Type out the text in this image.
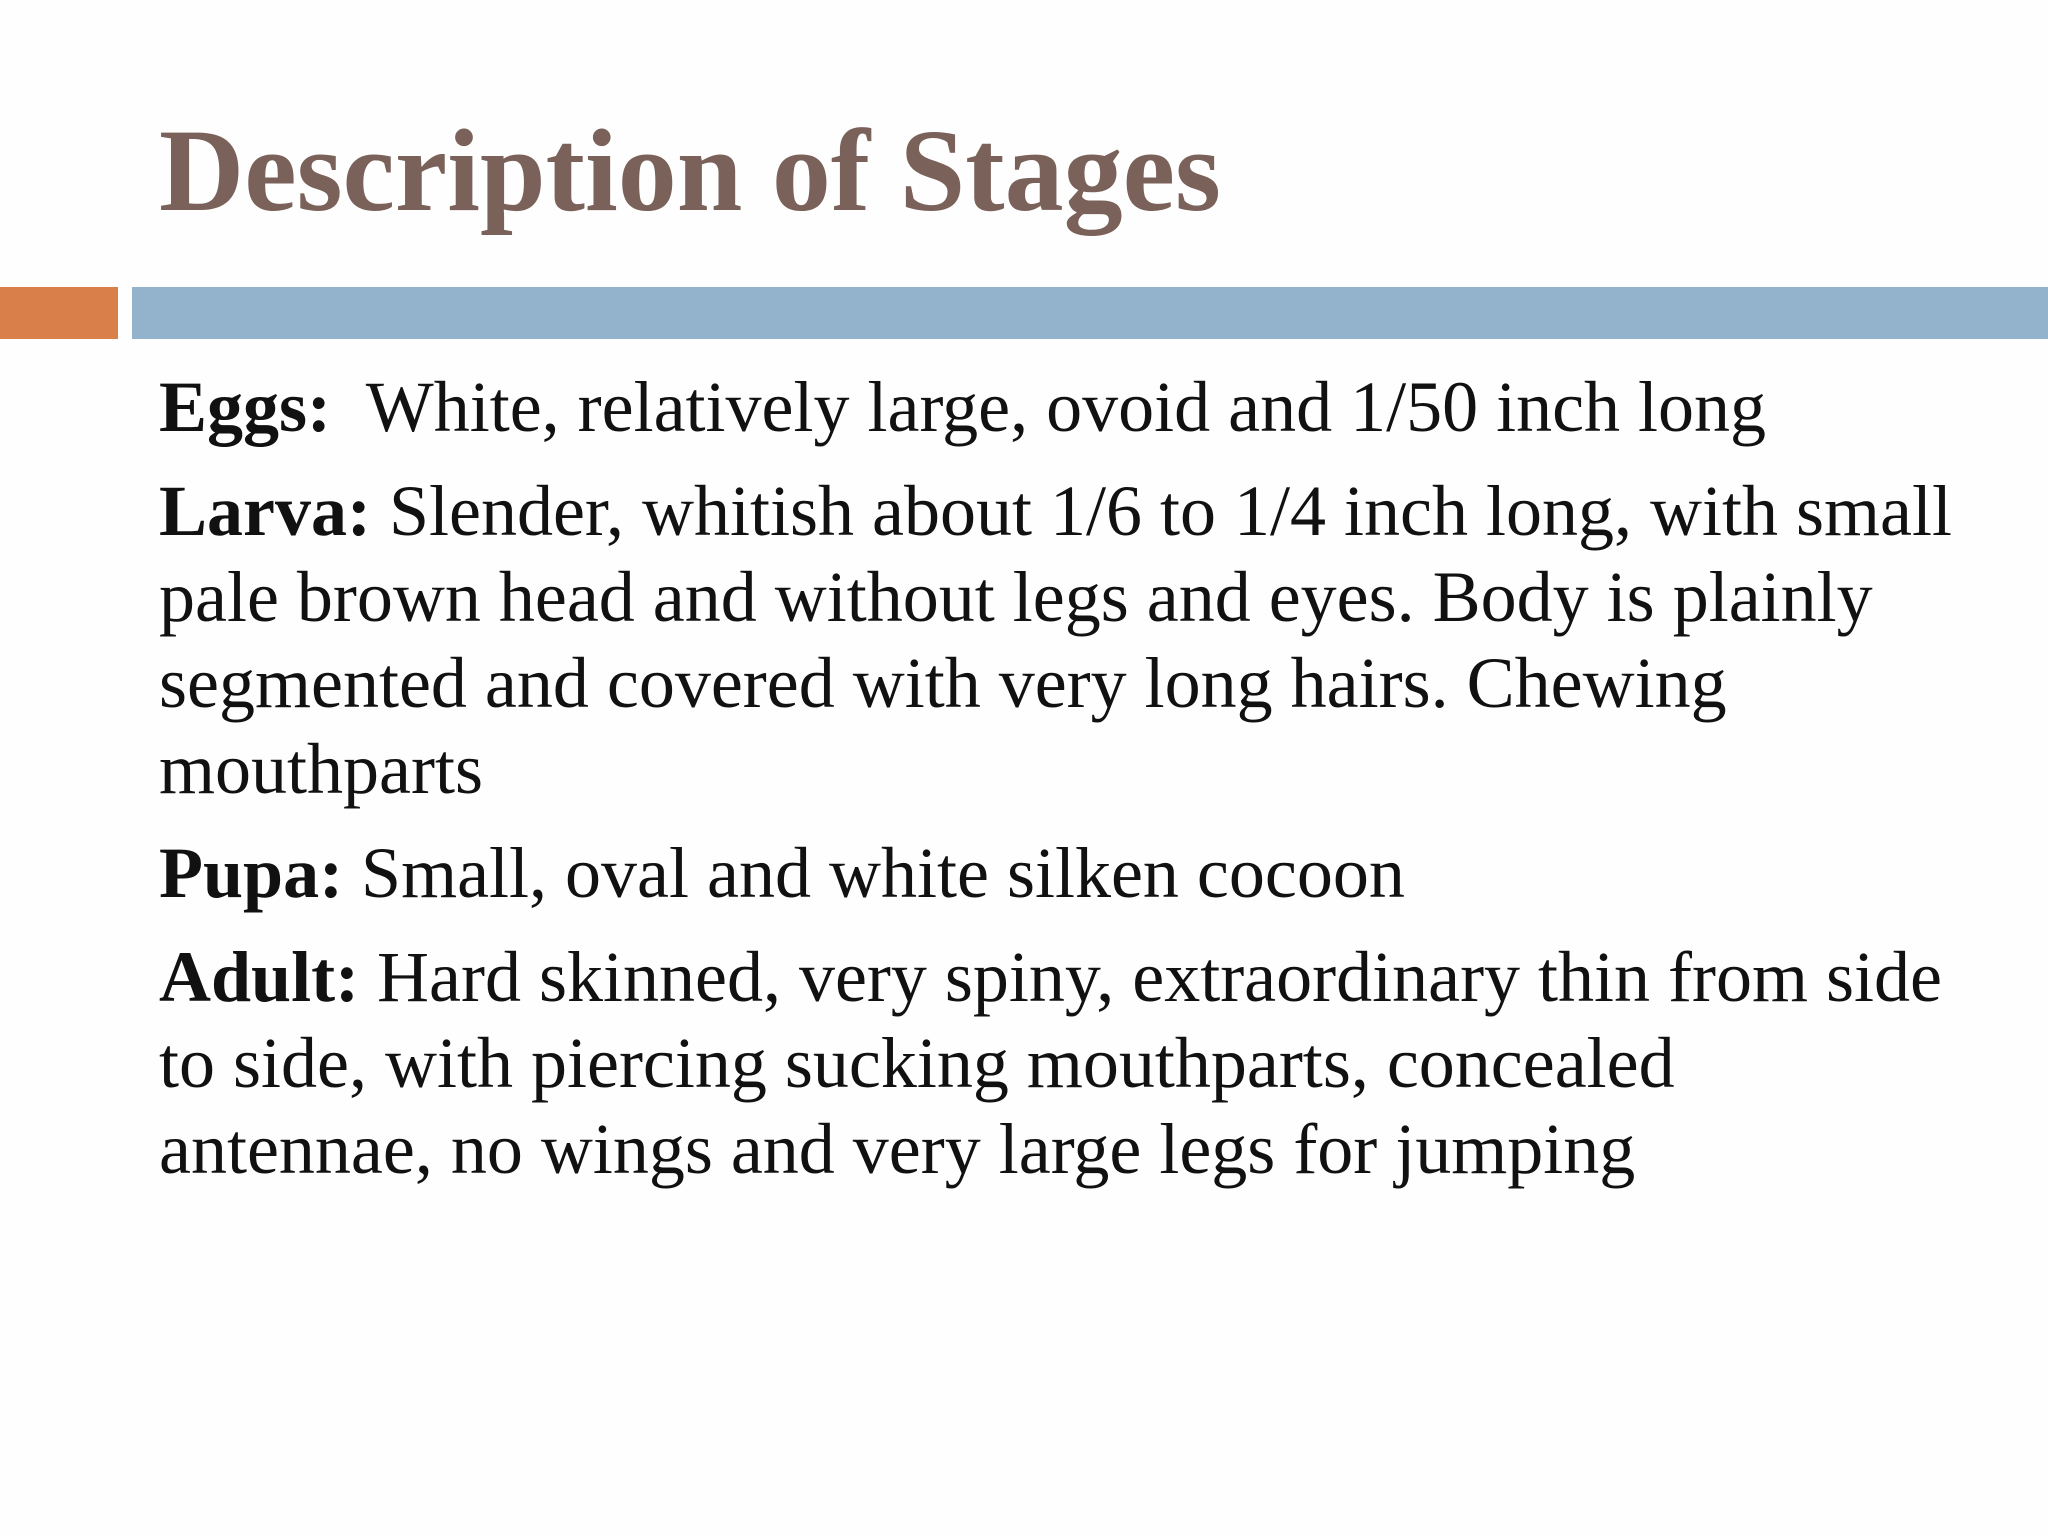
Description of Stages

Eggs:  White, relatively large, ovoid and 1/50 inch long

Larva: Slender, whitish about 1/6 to 1/4 inch long, with small pale brown head and without legs and eyes. Body is plainly segmented and covered with very long hairs. Chewing mouthparts

Pupa: Small, oval and white silken cocoon

Adult: Hard skinned, very spiny, extraordinary thin from side to side, with piercing sucking mouthparts, concealed antennae, no wings and very large legs for jumping
